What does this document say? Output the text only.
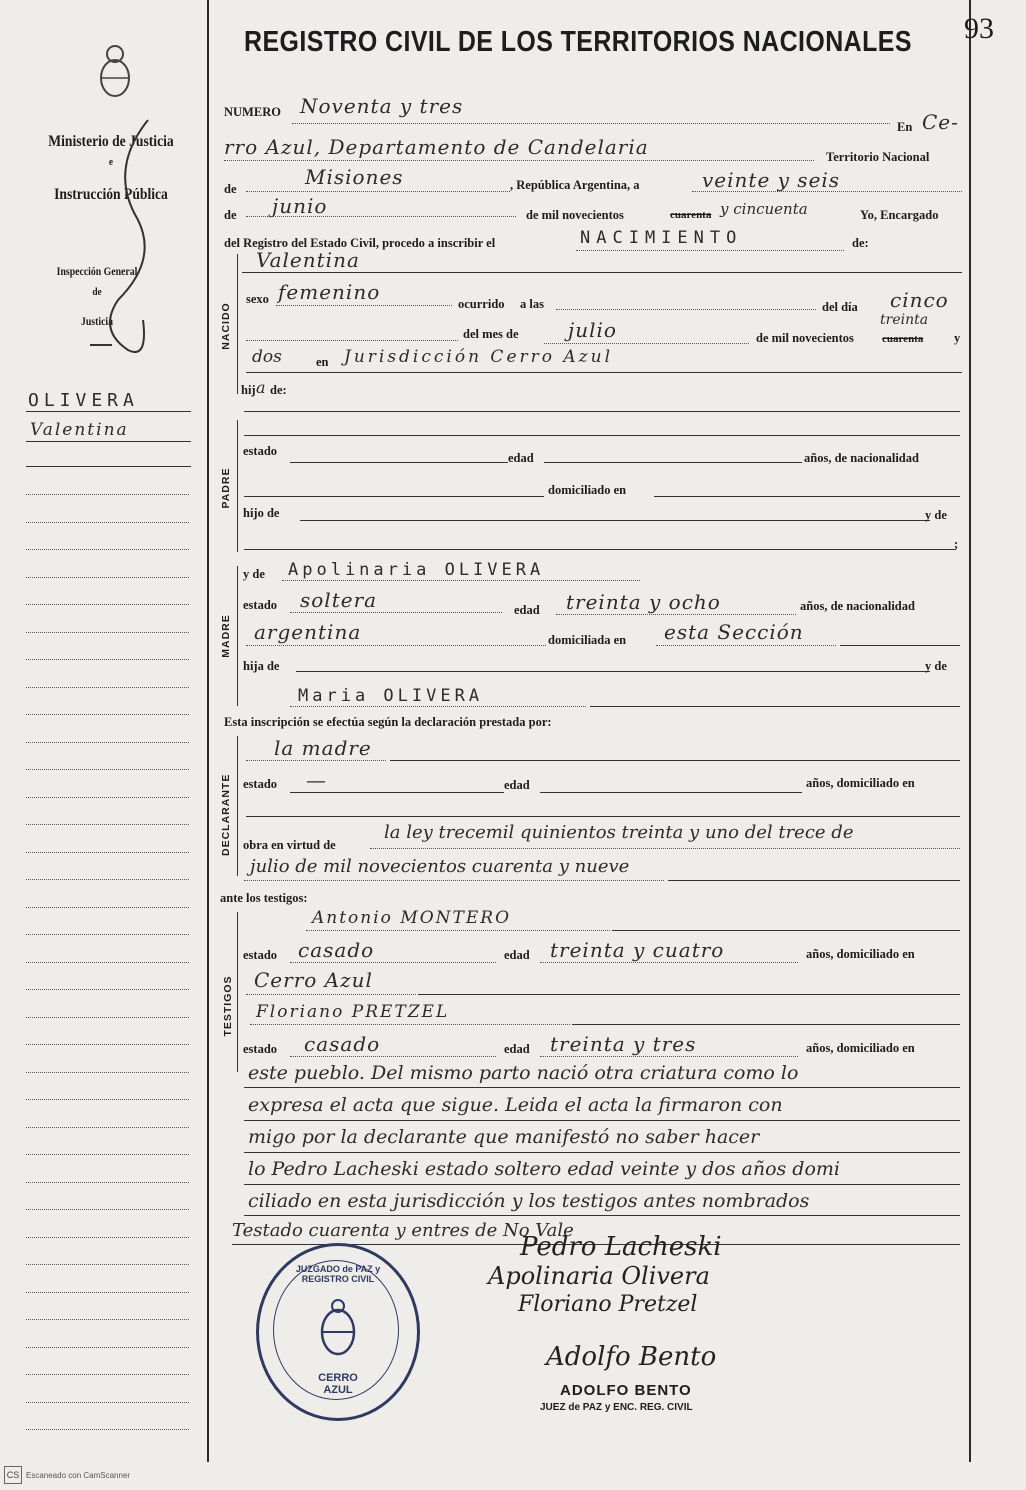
93
REGISTRO CIVIL DE LOS TERRITORIOS NACIONALES
Ministerio de Justicia
e
Instrucción Pública
Inspección General
de
Justicia
OLIVERA
Valentina
NUMERO Noventa y tres
En Ce-
rro Azul, Departamento de Candelaria	Territorio Nacional
de	Misiones	, República Argentina, a	veinte y seis
de junio	de mil novecientos	cuarenta y cincuenta	Yo, Encargado
del Registro del Estado Civil, procedo a inscribir el	NACIMIENTO	de:
NACIDO
Valentina
sexo femenino	ocurrido a las	del día cinco
treinta
del mes de julio	de mil novecientos	cuarenta y
dos	en Jurisdicción Cerro Azul
hij a de:
PADRE
estado	edad	años, de nacionalidad
domiciliado en
hijo de	y de
;
MADRE
y de Apolinaria OLIVERA
estado soltera	edad treinta y ocho	años, de nacionalidad
argentina	domiciliada en esta Sección
hija de	y de
Maria OLIVERA
Esta inscripción se efectúa según la declaración prestada por:
DECLARANTE
la madre
estado —	edad	años, domiciliado en
obra en virtud de
la ley trecemil quinientos treinta y uno del trece de
julio de mil novecientos cuarenta y nueve
ante los testigos:
TESTIGOS
Antonio MONTERO
estado casado	edad treinta y cuatro	años, domiciliado en
Cerro Azul
Floriano PRETZEL
estado casado	edad treinta y tres	años, domiciliado en
este pueblo. Del mismo parto nació otra criatura como lo
expresa el acta que sigue. Leida el acta la firmaron con
migo por la declarante que manifestó no saber hacer
lo Pedro Lacheski estado soltero edad veinte y dos años domi
ciliado en esta jurisdicción y los testigos antes nombrados
Testado cuarenta y entres de No Vale
JUZGADO de PAZ y REGISTRO CIVIL
CERRO AZUL
Pedro Lacheski
Apolinaria Olivera
Floriano Pretzel
Adolfo Bento
ADOLFO BENTO
JUEZ de PAZ y ENC. REG. CIVIL
CS Escaneado con CamScanner
